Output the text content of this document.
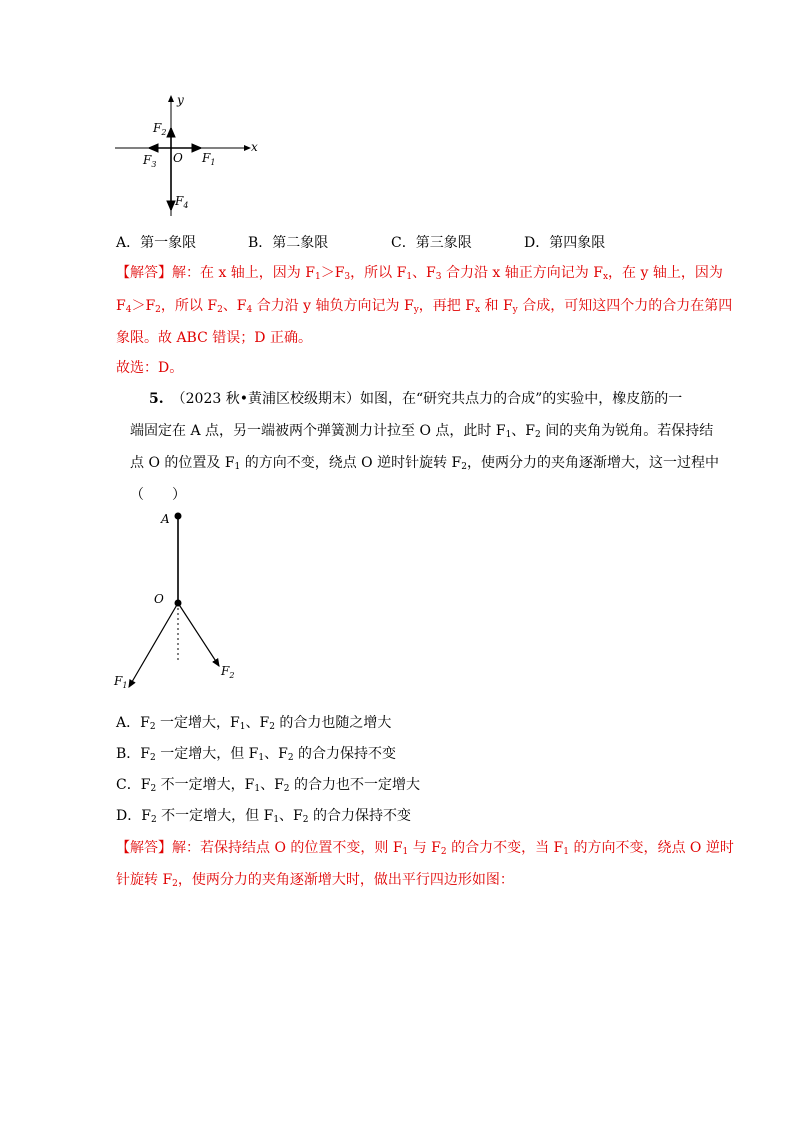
y
x
O $F_1$
$F_2$
$F_3$
$F_4$
A．第一象限	B．第二象限	C．第三象限	D．第四象限
【解答】解：在 x 轴上，因为 $F_1>F_3$，所以 $F_1$、$F_3$ 合力沿 x 轴正方向记为 $F_x$，在 y 轴上，因为
$F_4>F_2$，所以 $F_2$、$F_4$ 合力沿 y 轴负方向记为 $F_y$，再把 $F_x$ 和 $F_y$ 合成，可知这四个力的合力在第四
象限。故 ABC 错误；D 正确。
故选：D。
5. （2023 秋•黄浦区校级期末）如图，在“研究共点力的合成”的实验中，橡皮筋的一
端固定在 A 点，另一端被两个弹簧测力计拉至 O 点，此时 $F_1$、$F_2$ 间的夹角为锐角。若保持结
点 O 的位置及 $F_1$ 的方向不变，绕点 O 逆时针旋转 $F_2$，使两分力的夹角逐渐增大，这一过程中
（　　）
A
O
$F_1$
$F_2$
A．$F_2$ 一定增大，$F_1$、$F_2$ 的合力也随之增大
B．$F_2$ 一定增大，但 $F_1$、$F_2$ 的合力保持不变
C．$F_2$ 不一定增大，$F_1$、$F_2$ 的合力也不一定增大
D．$F_2$ 不一定增大，但 $F_1$、$F_2$ 的合力保持不变
【解答】解：若保持结点 O 的位置不变，则 $F_1$ 与 $F_2$ 的合力不变，当 $F_1$ 的方向不变，绕点 O 逆时
针旋转 $F_2$，使两分力的夹角逐渐增大时，做出平行四边形如图：
